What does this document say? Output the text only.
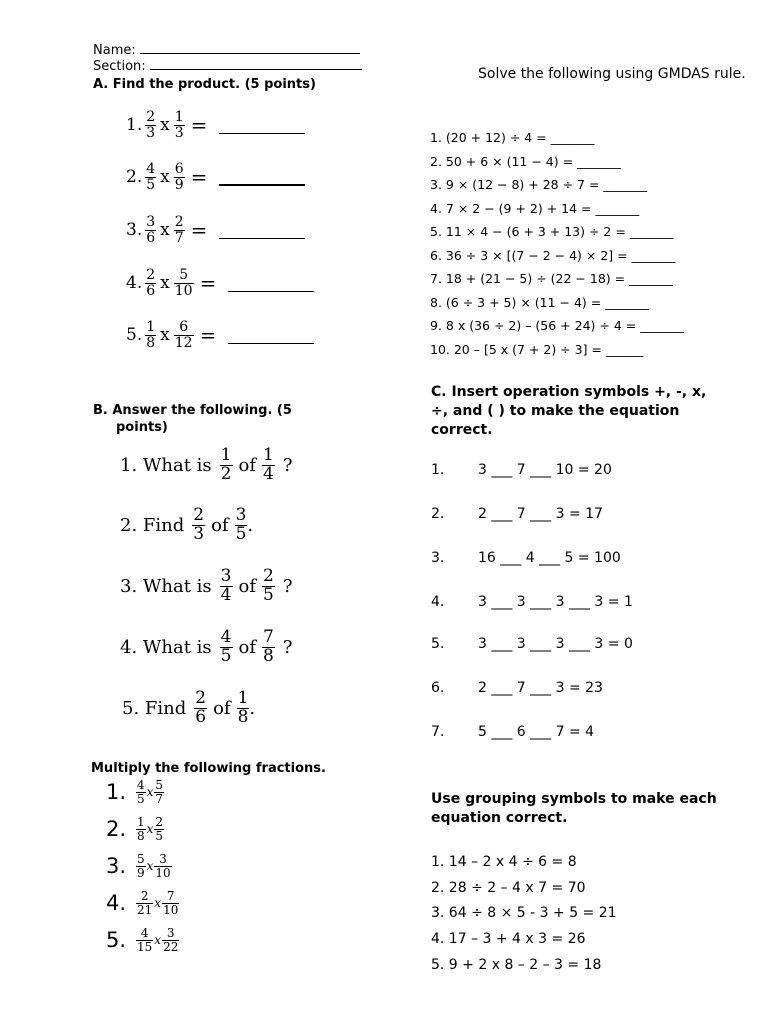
Name:
Section:	Solve the following using GMDAS rule.
A. Find the product. (5 points)
1. $\frac{2}{3}$ x $\frac{1}{3}$ =
2. $\frac{4}{5}$ x $\frac{6}{9}$ =
3. $\frac{3}{6}$ x $\frac{2}{7}$ =
4. $\frac{2}{6}$ x $\frac{5}{10}$ =
5. $\frac{1}{8}$ x $\frac{6}{12}$ =
1. (20 + 12) ÷ 4 = _______
2. 50 + 6 × (11 − 4) = _______
3. 9 × (12 − 8) + 28 ÷ 7 = _______
4. 7 × 2 − (9 + 2) + 14 = _______
5. 11 × 4 − (6 + 3 + 13) ÷ 2 = _______
6. 36 ÷ 3 × [(7 − 2 − 4) × 2] = _______
7. 18 + (21 − 5) ÷ (22 − 18) = _______
8. (6 ÷ 3 + 5) × (11 − 4) = _______
9. 8 x (36 ÷ 2) – (56 + 24) ÷ 4 = _______
10. 20 – [5 x (7 + 2) ÷ 3] = ______
B. Answer the following. (5
points)
1. What is $\frac{1}{2}$ of $\frac{1}{4}$ ?
2. Find $\frac{2}{3}$ of $\frac{3}{5}$ .
3. What is $\frac{3}{4}$ of $\frac{2}{5}$ ?
4. What is $\frac{4}{5}$ of $\frac{7}{8}$ ?
5. Find $\frac{2}{6}$ of $\frac{1}{8}$ .
C. Insert operation symbols +, -, x,
÷, and ( ) to make the equation
correct.
1.	3 ___ 7 ___ 10 = 20
2.	2 ___ 7 ___ 3 = 17
3.	16 ___ 4 ___ 5 = 100
4.	3 ___ 3 ___ 3 ___ 3 = 1
5.	3 ___ 3 ___ 3 ___ 3 = 0
6.	2 ___ 7 ___ 3 = 23
7.	5 ___ 6 ___ 7 = 4
Multiply the following fractions.
1. $\frac{4}{5}$ x $\frac{5}{7}$
2. $\frac{1}{8}$ x $\frac{2}{5}$
3. $\frac{5}{9}$ x $\frac{3}{10}$
4. $\frac{2}{21}$ x $\frac{7}{10}$
5. $\frac{4}{15}$ x $\frac{3}{22}$
Use grouping symbols to make each
equation correct.
1. 14 – 2 x 4 ÷ 6 = 8
2. 28 ÷ 2 – 4 x 7 = 70
3. 64 ÷ 8 × 5 - 3 + 5 = 21
4. 17 – 3 + 4 x 3 = 26
5. 9 + 2 x 8 – 2 – 3 = 18
